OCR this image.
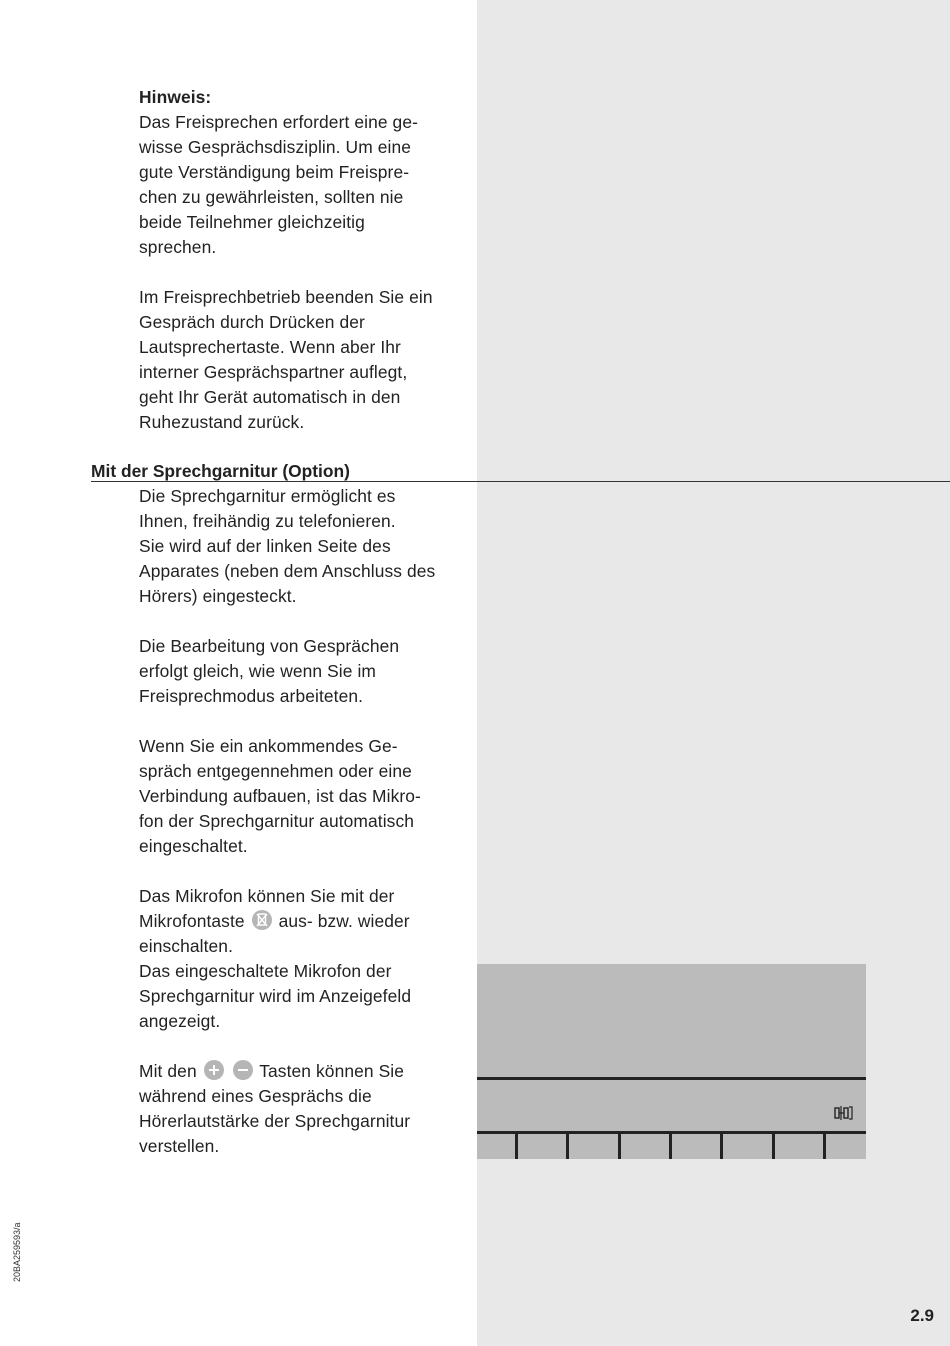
Hinweis:
Das Freisprechen erfordert eine ge-
wisse Gesprächsdisziplin. Um eine
gute Verständigung beim Freispre-
chen zu gewährleisten, sollten nie
beide Teilnehmer gleichzeitig
sprechen.

Im Freisprechbetrieb beenden Sie ein
Gespräch durch Drücken der
Lautsprechertaste. Wenn aber Ihr
interner Gesprächspartner auflegt,
geht Ihr Gerät automatisch in den
Ruhezustand zurück.
Mit der Sprechgarnitur (Option)
Die Sprechgarnitur ermöglicht es
Ihnen, freihändig zu telefonieren.
Sie wird auf der linken Seite des
Apparates (neben dem Anschluss des
Hörers) eingesteckt.

Die Bearbeitung von Gesprächen
erfolgt gleich, wie wenn Sie im
Freisprechmodus arbeiteten.

Wenn Sie ein ankommendes Ge-
spräch entgegennehmen oder eine
Verbindung aufbauen, ist das Mikro-
fon der Sprechgarnitur automatisch
eingeschaltet.

Das Mikrofon können Sie mit der
Mikrofontaste aus- bzw. wieder
einschalten.
Das eingeschaltete Mikrofon der
Sprechgarnitur wird im Anzeigefeld
angezeigt.

Mit den
	Tasten können Sie
während eines Gesprächs die
Hörerlautstärke der Sprechgarnitur
verstellen.
20BA259593/a
2.9
